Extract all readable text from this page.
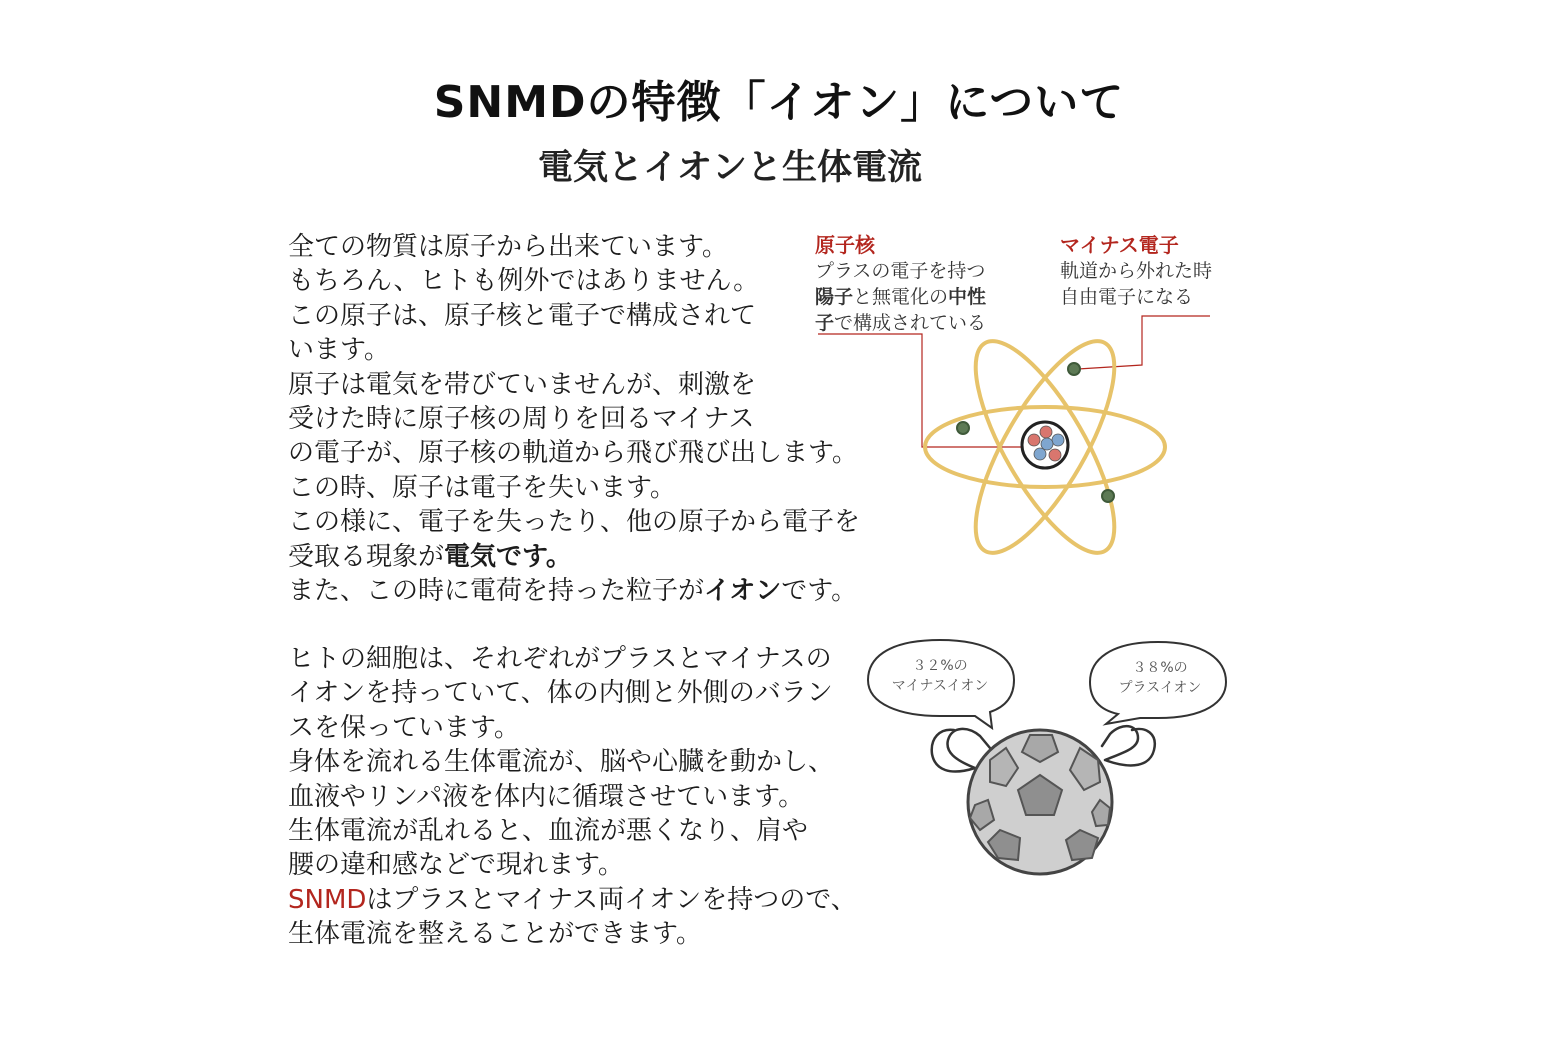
SNMDの特徴「イオン」について
電気とイオンと生体電流
全ての物質は原子から出来ています。
もちろん、ヒトも例外ではありません。
この原子は、原子核と電子で構成されて
います。
原子は電気を帯びていませんが、刺激を
受けた時に原子核の周りを回るマイナス
の電子が、原子核の軌道から飛び飛び出します。
この時、原子は電子を失います。
この様に、電子を失ったり、他の原子から電子を
受取る現象が電気です。
また、この時に電荷を持った粒子がイオンです。
ヒトの細胞は、それぞれがプラスとマイナスの
イオンを持っていて、体の内側と外側のバラン
スを保っています。
身体を流れる生体電流が、脳や心臓を動かし、
血液やリンパ液を体内に循環させています。
生体電流が乱れると、血流が悪くなり、肩や
腰の違和感などで現れます。
SNMDはプラスとマイナス両イオンを持つので、
生体電流を整えることができます。
原子核
プラスの電子を持つ
陽子と無電化の中性
子で構成されている
マイナス電子
軌道から外れた時
自由電子になる
３２%の
マイナスイオン
３８%の
プラスイオン
